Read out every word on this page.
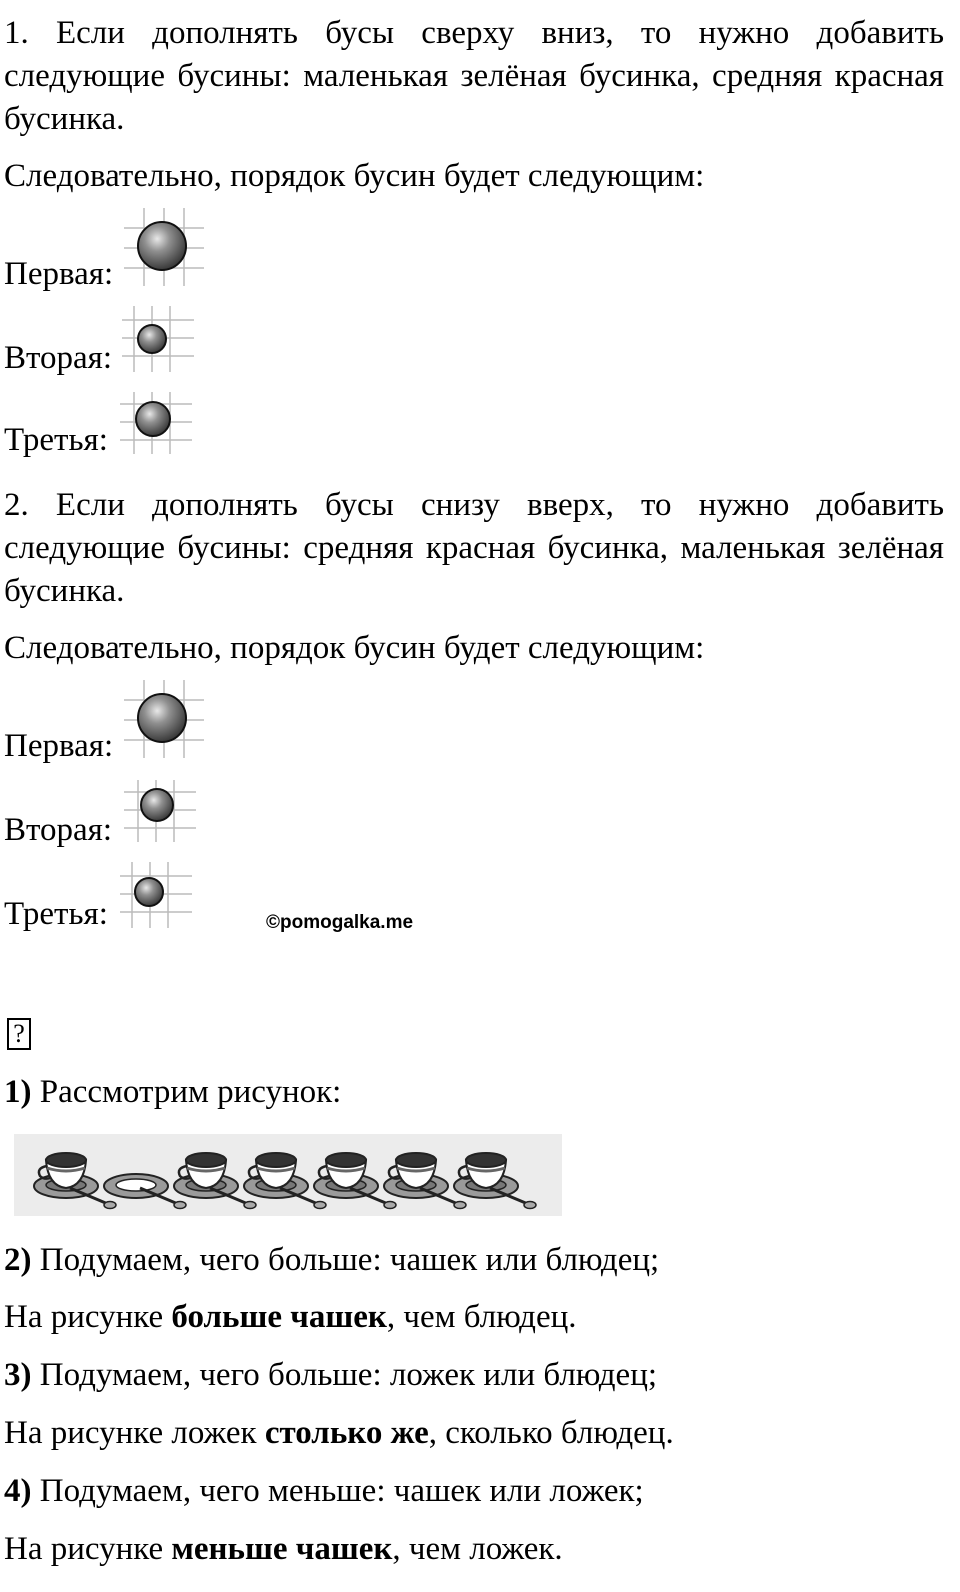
1. Если дополнять бусы сверху вниз, то нужно добавить следующие бусины: маленькая зелёная бусинка, средняя красная бусинка.

Следовательно, порядок бусин будет следующим:

Первая:
Вторая:
Третья:

2. Если дополнять бусы снизу вверх, то нужно добавить следующие бусины: средняя красная бусинка, маленькая зелёная бусинка.

Следовательно, порядок бусин будет следующим:

Первая:
Вторая:
Третья:	©pomogalka.me
?

1) Рассмотрим рисунок:

2) Подумаем, чего больше: чашек или блюдец;

На рисунке больше чашек, чем блюдец.

3) Подумаем, чего больше: ложек или блюдец;

На рисунке ложек столько же, сколько блюдец.

4) Подумаем, чего меньше: чашек или ложек;

На рисунке меньше чашек, чем ложек.
